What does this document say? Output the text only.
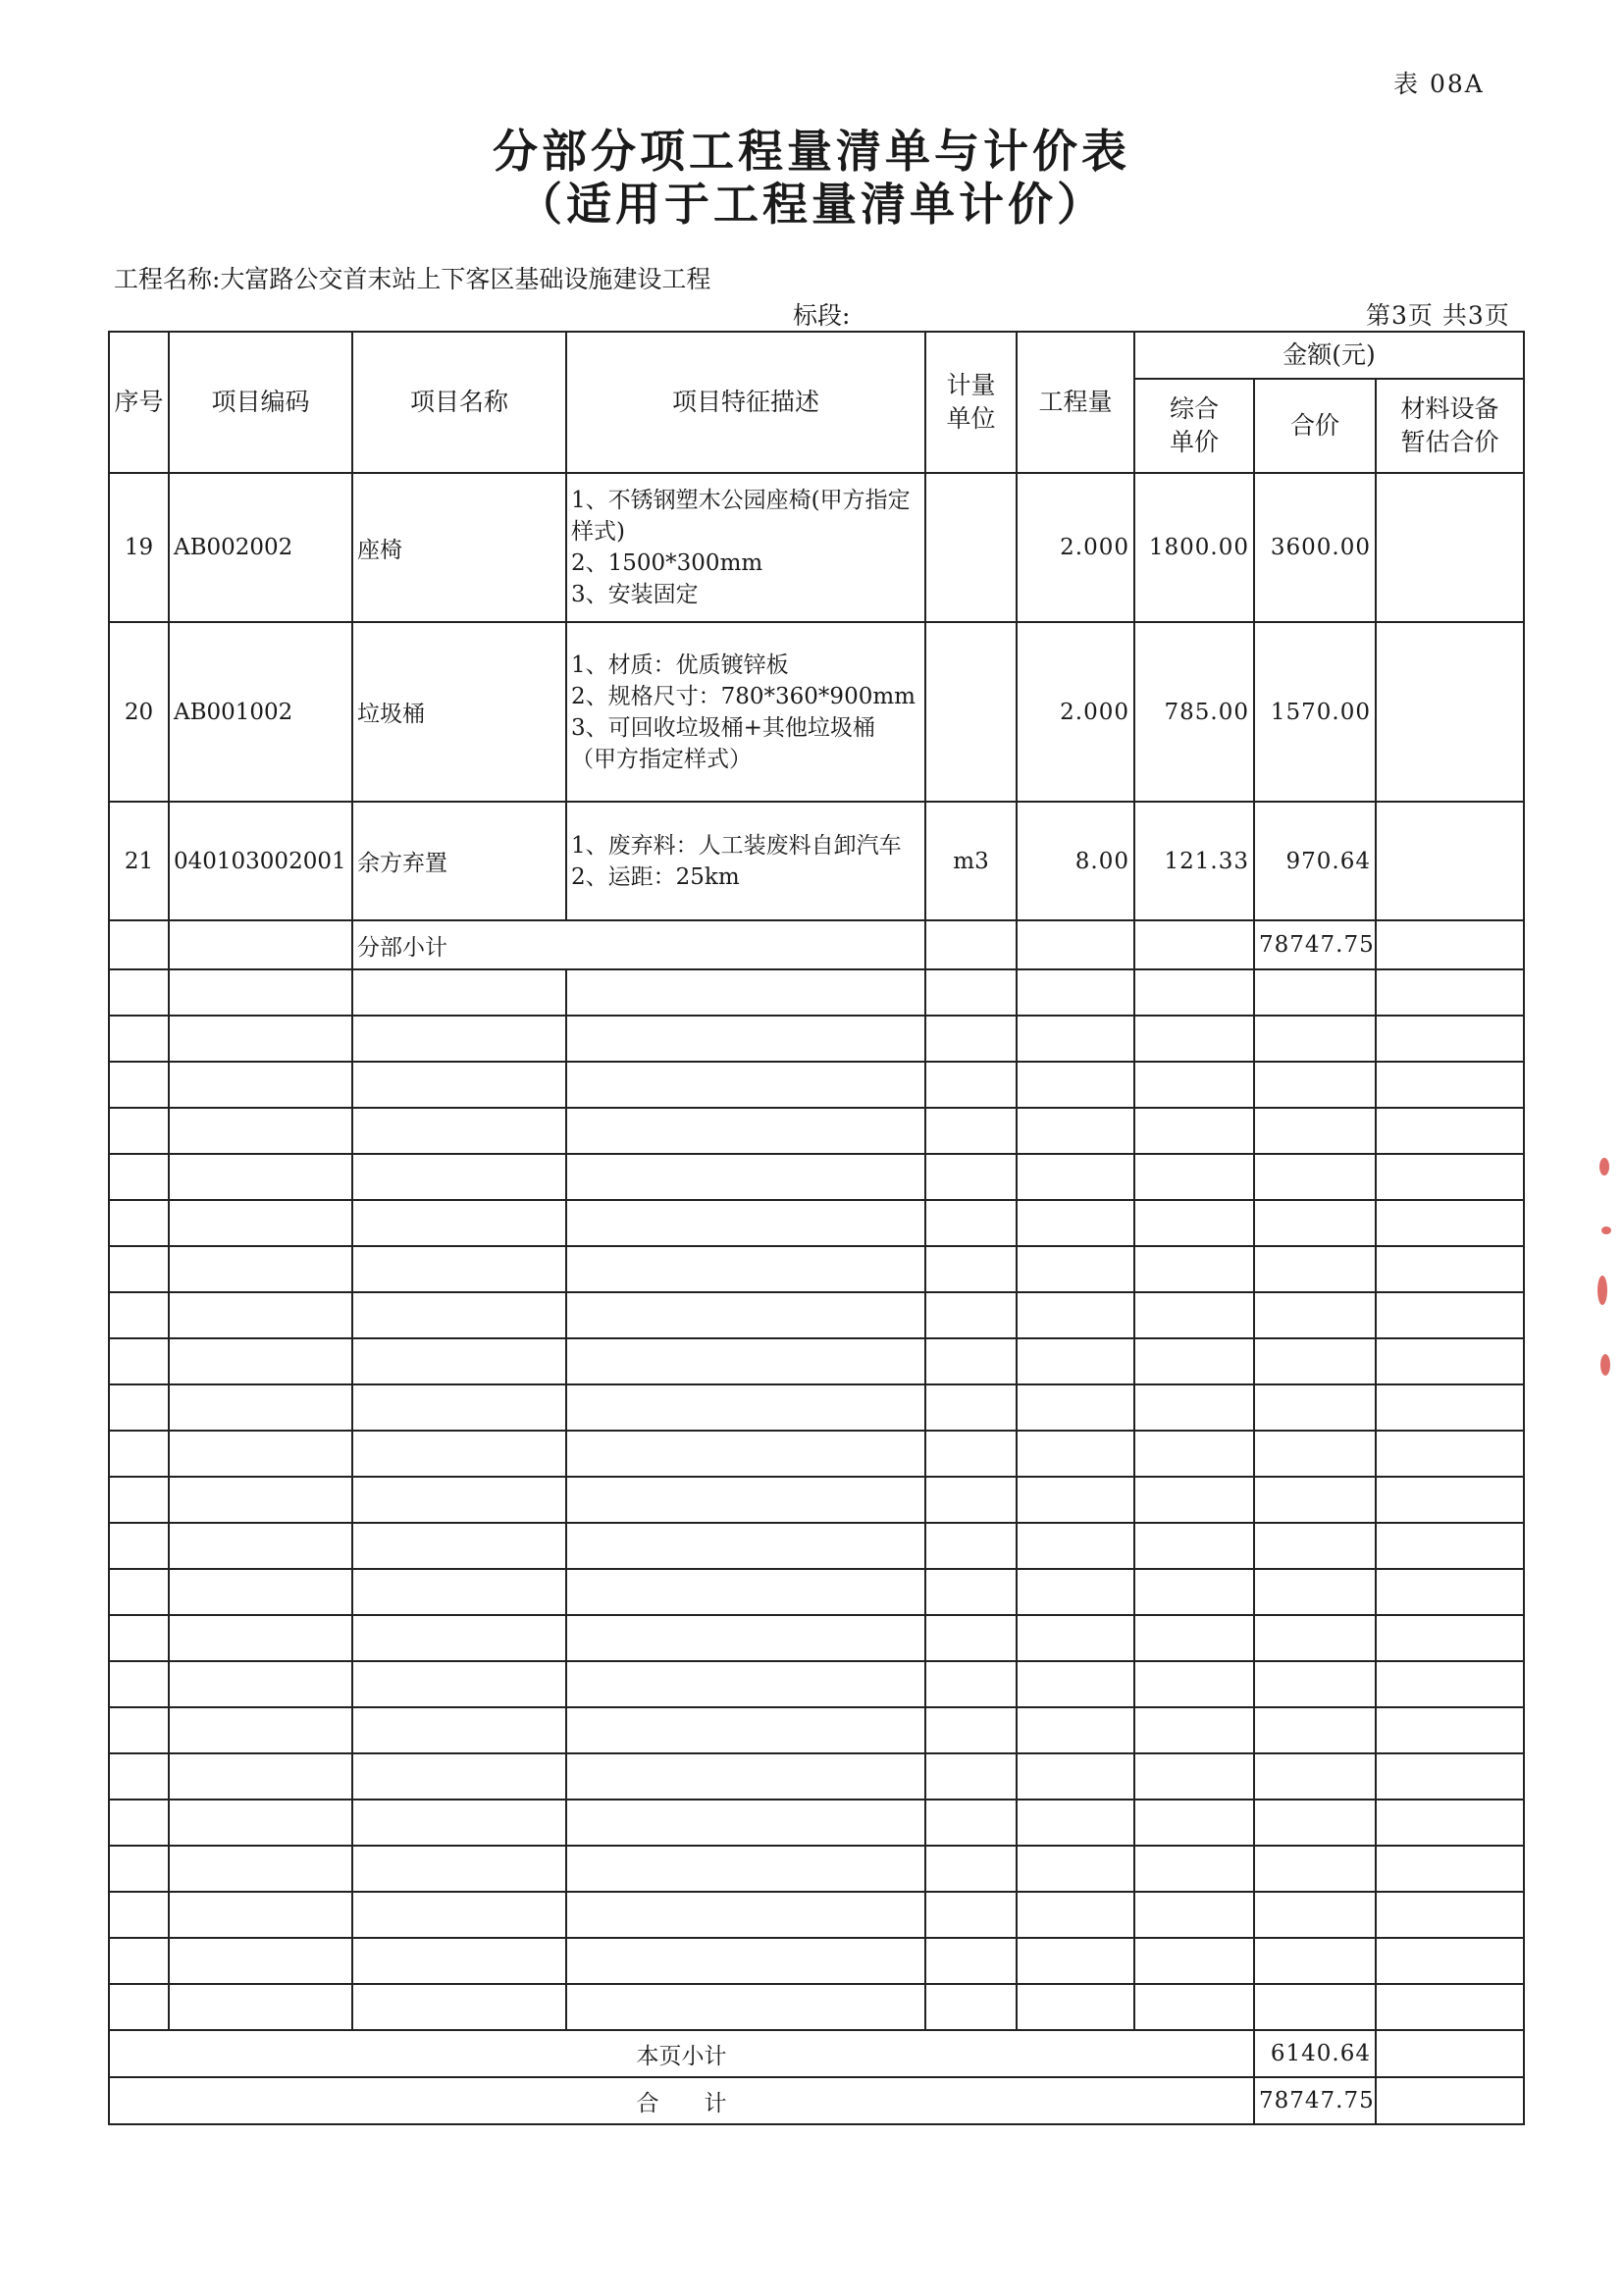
表 08A
分部分项工程量清单与计价表
（适用于工程量清单计价）
工程名称:大富路公交首末站上下客区基础设施建设工程
标段:	第3页 共3页
序号	项目编码	项目名称	项目特征描述	计量单位	工程量	金额(元)		
						综合单价	合价	材料设备暂估合价
19	AB002002	座椅	1、不锈钢塑木公园座椅(甲方指定样式)
2、1500*300mm
3、安装固定		2.000	1800.00	3600.00	
20	AB001002	垃圾桶	1、材质：优质镀锌板
2、规格尺寸：780*360*900mm
3、可回收垃圾桶+其他垃圾桶
（甲方指定样式）		2.000	785.00	1570.00	
21	040103002001	余方弃置	1、废弃料：人工装废料自卸汽车
2、运距：25km	m3	8.00	121.33	970.64	
		分部小计					78747.75	

本页小计							6140.64	
合　　计							78747.75	
